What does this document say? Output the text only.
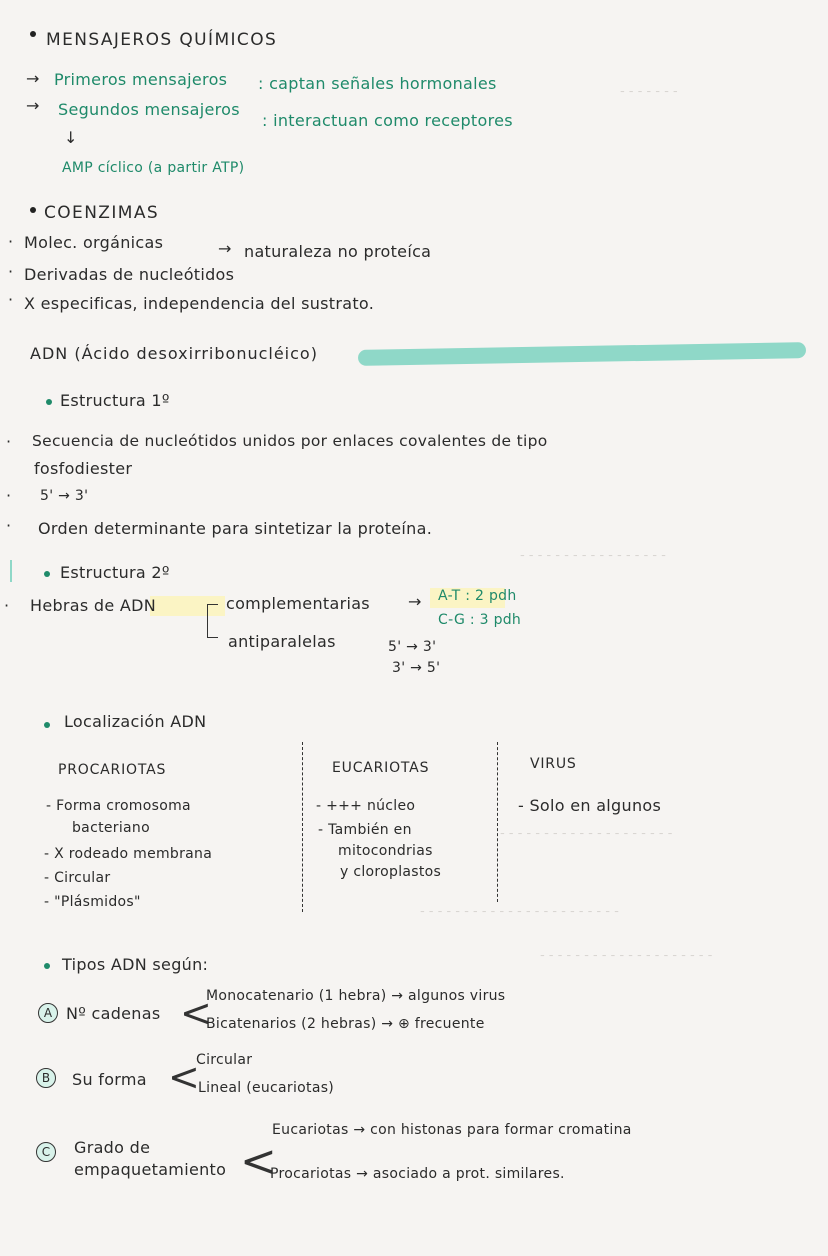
- - - - - - -
- - - - - - - - - - - - - - - - -
- - - - - - - - - - - - - - - - - - - -
- - - - - - - - - - - - - - - - - - - - - - -
- - - - - - - - - - - - - - - - - - - -
MENSAJEROS QUÍMICOS
→ Primeros mensajeros : captan señales hormonales
→ Segundos mensajeros
: interactuan como receptores
↓
AMP cíclico (a partir ATP)
COENZIMAS
· Molec. orgánicas	→ naturaleza no proteíca
· Derivadas de nucleótidos
· X especificas, independencia del sustrato.
ADN (Ácido desoxirribonucléico)
Estructura 1º
· Secuencia de nucleótidos unidos por enlaces covalentes de tipo
fosfodiester
· 5' → 3'
· Orden determinante para sintetizar la proteína.
Estructura 2º
· Hebras de ADN	complementarias → A-T : 2 pdh
C-G : 3 pdh
antiparalelas	5' → 3'
3' → 5'
Localización ADN
PROCARIOTAS
- Forma cromosoma
bacteriano
- X rodeado membrana
- Circular
- "Plásmidos"
EUCARIOTAS
- +++ núcleo
- También en
mitocondrias
y cloroplastos
VIRUS
- Solo en algunos
Tipos ADN según:
A Nº cadenas <
Monocatenario (1 hebra) → algunos virus
Bicatenarios (2 hebras) → ⊕ frecuente
B	Su forma <
Circular
Lineal (eucariotas)
C	Grado de
empaquetamiento <
Eucariotas → con histonas para formar cromatina
Procariotas → asociado a prot. similares.
